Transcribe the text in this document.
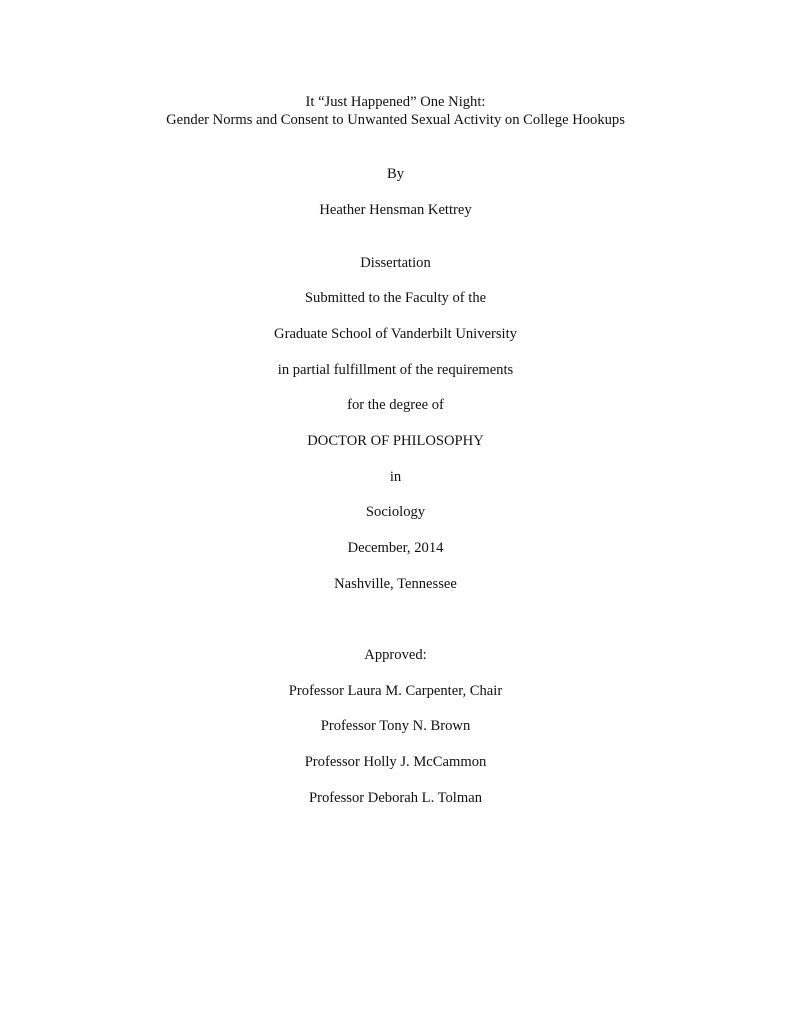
It “Just Happened” One Night:
Gender Norms and Consent to Unwanted Sexual Activity on College Hookups
By
Heather Hensman Kettrey
Dissertation
Submitted to the Faculty of the
Graduate School of Vanderbilt University
in partial fulfillment of the requirements
for the degree of
DOCTOR OF PHILOSOPHY
in
Sociology
December, 2014
Nashville, Tennessee
Approved:
Professor Laura M. Carpenter, Chair
Professor Tony N. Brown
Professor Holly J. McCammon
Professor Deborah L. Tolman
